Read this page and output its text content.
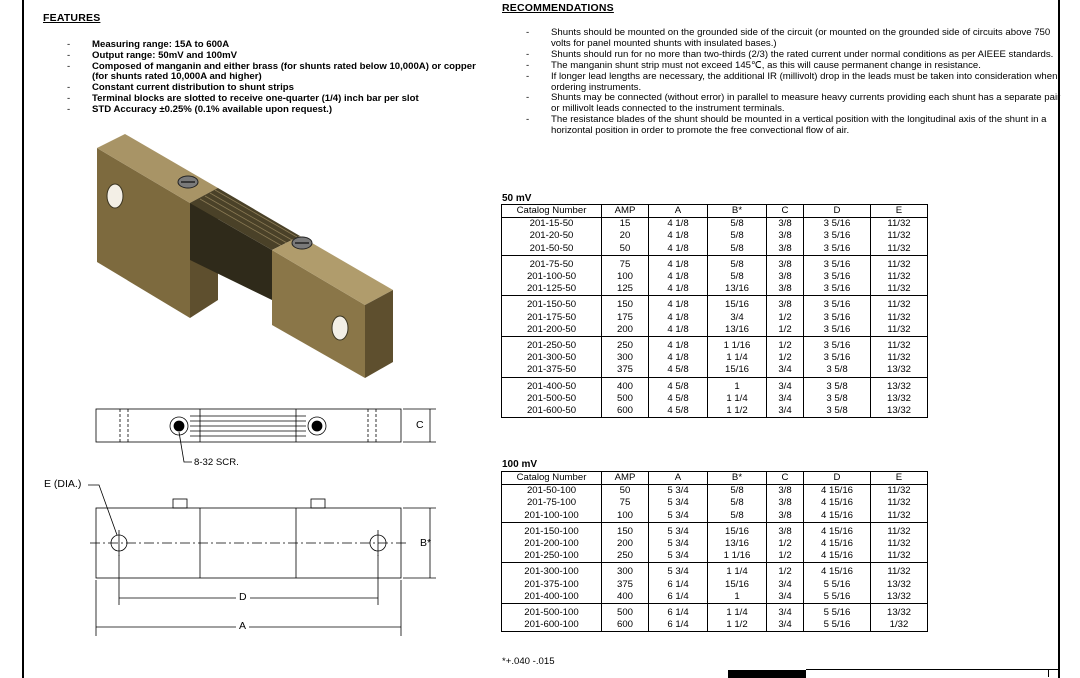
FEATURES
- Measuring range: 15A to 600A
- Output range: 50mV and 100mV
- Composed of manganin and either brass (for shunts rated below 10,000A) or copper (for shunts rated 10,000A and higher)
- Constant current distribution to shunt strips
- Terminal blocks are slotted to receive one-quarter (1/4) inch bar per slot
- STD Accuracy ±0.25% (0.1% available upon request.)
RECOMMENDATIONS
- Shunts should be mounted on the grounded side of the circuit (or mounted on the grounded side of circuits above 750 volts for panel mounted shunts with insulated bases.)
- Shunts should run for no more than two-thirds (2/3) the rated current under normal conditions as per AIEEE standards.
- The manganin shunt strip must not exceed 145℃, as this will cause permanent change in resistance.
- If longer lead lengths are necessary, the additional IR (millivolt) drop in the leads must be taken into consideration when ordering instruments.
- Shunts may be connected (without error) in parallel to measure heavy currents providing each shunt has a separate pair or millivolt leads connected to the instrument terminals.
- The resistance blades of the shunt should be mounted in a vertical position with the longitudinal axis of the shunt in a horizontal position in order to promote the free convectional flow of air.
C
8-32 SCR.
E (DIA.)
B*
D
A
50 mV
Catalog Number	AMP	A	B*	C	D	E
201-15-50	15	4 1/8	5/8	3/8	3 5/16	11/32
201-20-50	20	4 1/8	5/8	3/8	3 5/16	11/32
201-50-50	50	4 1/8	5/8	3/8	3 5/16	11/32
201-75-50	75	4 1/8	5/8	3/8	3 5/16	11/32
201-100-50	100	4 1/8	5/8	3/8	3 5/16	11/32
201-125-50	125	4 1/8	13/16	3/8	3 5/16	11/32
201-150-50	150	4 1/8	15/16	3/8	3 5/16	11/32
201-175-50	175	4 1/8	3/4	1/2	3 5/16	11/32
201-200-50	200	4 1/8	13/16	1/2	3 5/16	11/32
201-250-50	250	4 1/8	1 1/16	1/2	3 5/16	11/32
201-300-50	300	4 1/8	1 1/4	1/2	3 5/16	11/32
201-375-50	375	4 5/8	15/16	3/4	3 5/8	13/32
201-400-50	400	4 5/8	1	3/4	3 5/8	13/32
201-500-50	500	4 5/8	1 1/4	3/4	3 5/8	13/32
201-600-50	600	4 5/8	1 1/2	3/4	3 5/8	13/32
100 mV
Catalog Number	AMP	A	B*	C	D	E
201-50-100	50	5 3/4	5/8	3/8	4 15/16	11/32
201-75-100	75	5 3/4	5/8	3/8	4 15/16	11/32
201-100-100	100	5 3/4	5/8	3/8	4 15/16	11/32
201-150-100	150	5 3/4	15/16	3/8	4 15/16	11/32
201-200-100	200	5 3/4	13/16	1/2	4 15/16	11/32
201-250-100	250	5 3/4	1 1/16	1/2	4 15/16	11/32
201-300-100	300	5 3/4	1 1/4	1/2	4 15/16	11/32
201-375-100	375	6 1/4	15/16	3/4	5 5/16	13/32
201-400-100	400	6 1/4	1	3/4	5 5/16	13/32
201-500-100	500	6 1/4	1 1/4	3/4	5 5/16	13/32
201-600-100	600	6 1/4	1 1/2	3/4	5 5/16	1/32
*+.040 -.015
